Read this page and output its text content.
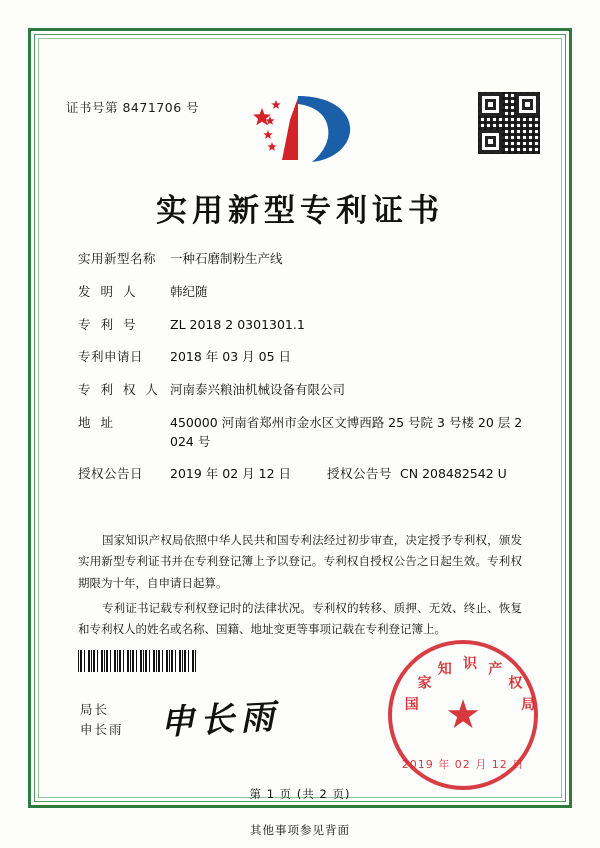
证书号第 8471706 号
实用新型专利证书
实用新型名称	一种石磨制粉生产线
发 明 人	韩纪随
专 利 号	ZL 2018 2 0301301.1
专利申请日	2018 年 03 月 05 日
专 利 权 人 河南泰兴粮油机械设备有限公司
地 址	450000 河南省郑州市金水区文博西路 25 号院 3 号楼 20 层 2024 号
授权公告日	2019 年 02 月 12 日	授权公告号 CN 208482542 U

国家知识产权局依照中华人民共和国专利法经过初步审查，决定授予专利权，颁发实用新型专利证书并在专利登记簿上予以登记。专利权自授权公告之日起生效。专利权期限为十年，自申请日起算。

专利证书记载专利权登记时的法律状况。专利权的转移、质押、无效、终止、恢复和专利权人的姓名或名称、国籍、地址变更等事项记载在专利登记簿上。

局长
申长雨 申长雨	★
国
家
知 识 产
权
局
2019 年 02 月 12 日
第 1 页 (共 2 页)
其他事项参见背面
